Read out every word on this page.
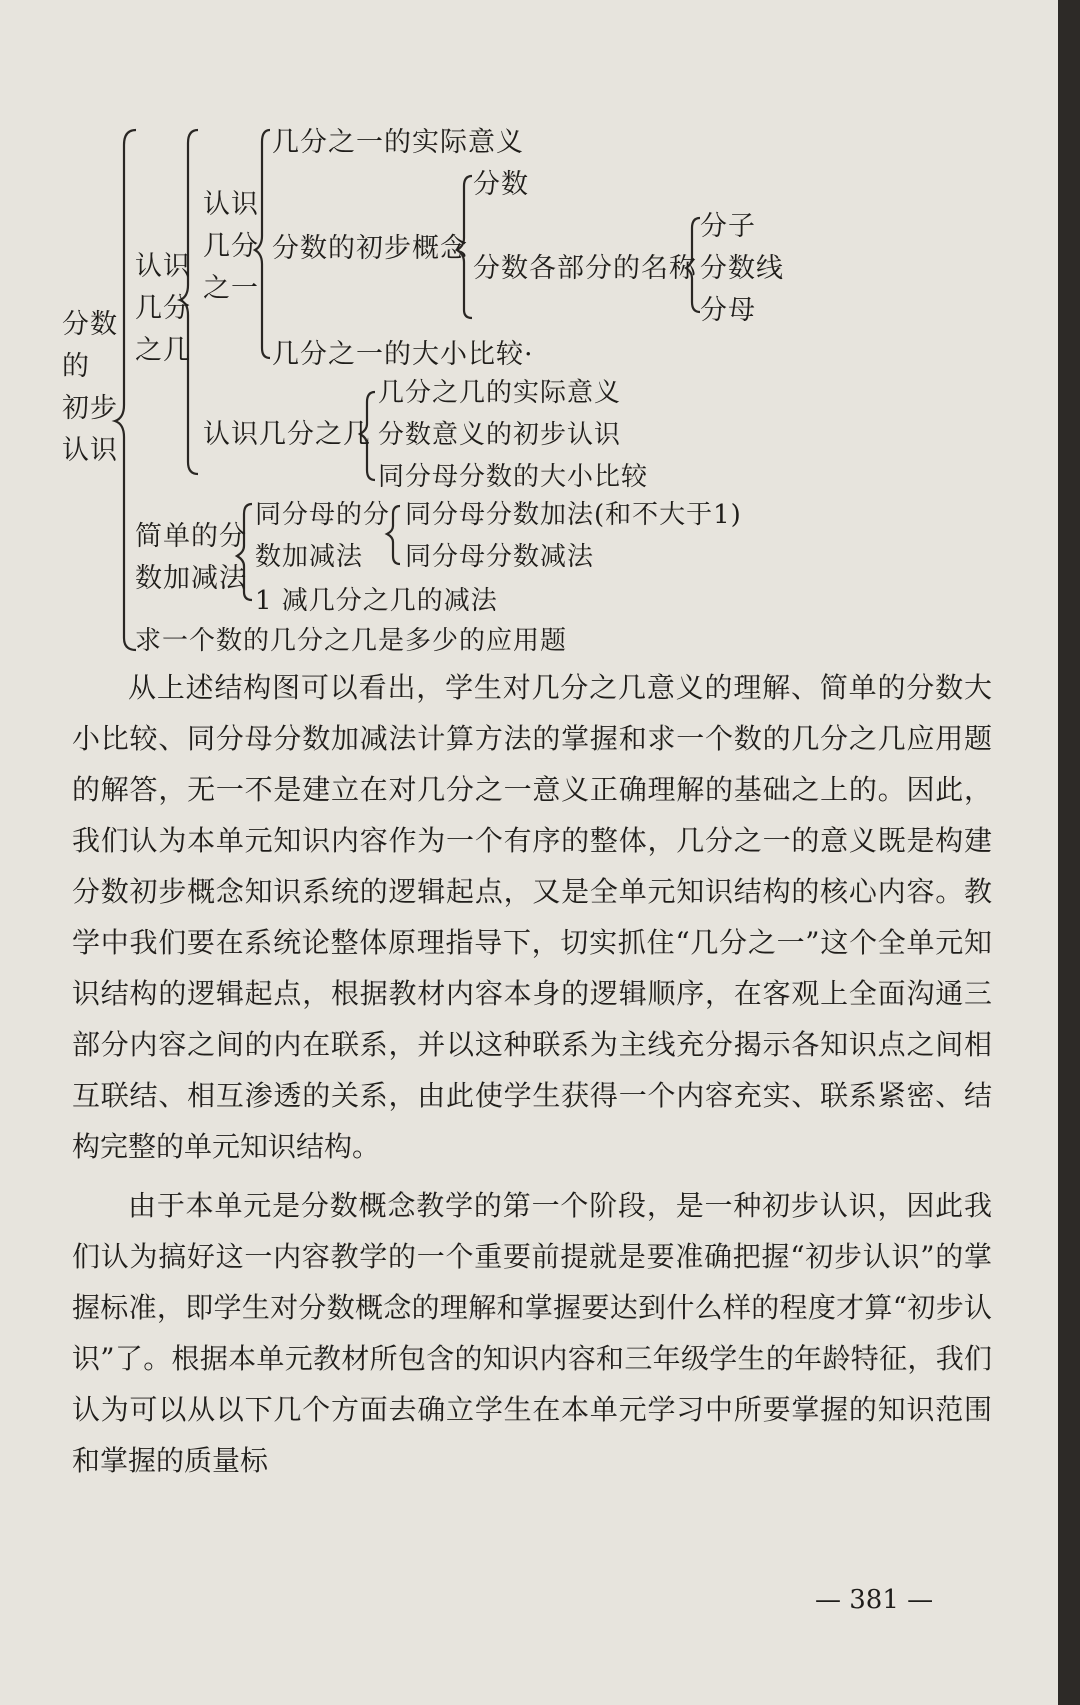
分数
的
初步
认识
认识
几分
之几
认识
几分
之一
几分之一的实际意义
分数的初步概念
分数
分数各部分的名称
分子
分数线
分母
几分之一的大小比较·
认识几分之几
几分之几的实际意义
分数意义的初步认识
同分母分数的大小比较
简单的分
数加减法
同分母的分
数加减法
同分母分数加法(和不大于1)
同分母分数减法
1 减几分之几的减法
求一个数的几分之几是多少的应用题

从上述结构图可以看出，学生对几分之几意义的理解、简单的分数大小比较、同分母分数加减法计算方法的掌握和求一个数的几分之几应用题的解答，无一不是建立在对几分之一意义正确理解的基础之上的。因此，我们认为本单元知识内容作为一个有序的整体，几分之一的意义既是构建分数初步概念知识系统的逻辑起点，又是全单元知识结构的核心内容。教学中我们要在系统论整体原理指导下，切实抓住“几分之一”这个全单元知识结构的逻辑起点，根据教材内容本身的逻辑顺序，在客观上全面沟通三部分内容之间的内在联系，并以这种联系为主线充分揭示各知识点之间相互联结、相互渗透的关系，由此使学生获得一个内容充实、联系紧密、结构完整的单元知识结构。

由于本单元是分数概念教学的第一个阶段，是一种初步认识，因此我们认为搞好这一内容教学的一个重要前提就是要准确把握“初步认识”的掌握标准，即学生对分数概念的理解和掌握要达到什么样的程度才算“初步认识”了。根据本单元教材所包含的知识内容和三年级学生的年龄特征，我们认为可以从以下几个方面去确立学生在本单元学习中所要掌握的知识范围和掌握的质量标

— 381 —
